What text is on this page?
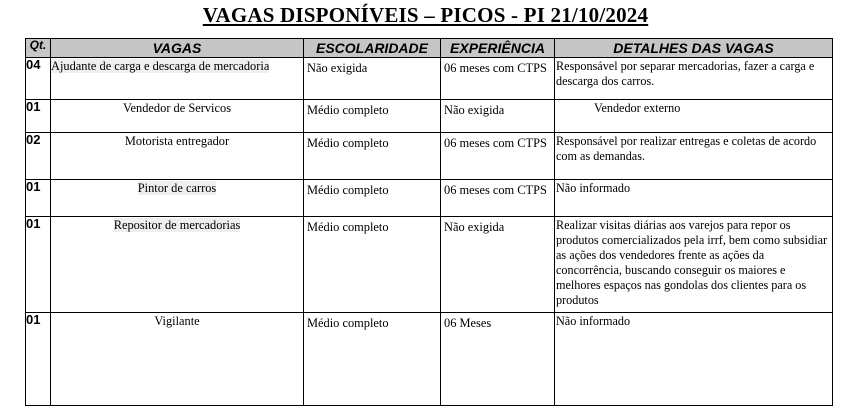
VAGAS DISPONÍVEIS – PICOS - PI 21/10/2024
Qt.	VAGAS	ESCOLARIDADE	EXPERIÊNCIA	DETALHES DAS VAGAS
04	Ajudante de carga e descarga de mercadoria	Não exigida	06 meses com CTPS	Responsável por separar mercadorias, fazer a carga e descarga dos carros.
01	Vendedor de Servicos	Médio completo	Não exigida	Vendedor externo
02	Motorista entregador	Médio completo	06 meses com CTPS	Responsável por realizar entregas e coletas de acordo com as demandas.
01	Pintor de carros	Médio completo	06 meses com CTPS	Não informado
01	Repositor de mercadorias	Médio completo	Não exigida	Realizar visitas diárias aos varejos para repor os produtos comercializados pela irrf, bem como subsidiar as ações dos vendedores frente as ações da concorrência, buscando conseguir os maiores e melhores espaços nas gondolas dos clientes para os produtos
01	Vigilante	Médio completo	06 Meses	Não informado
